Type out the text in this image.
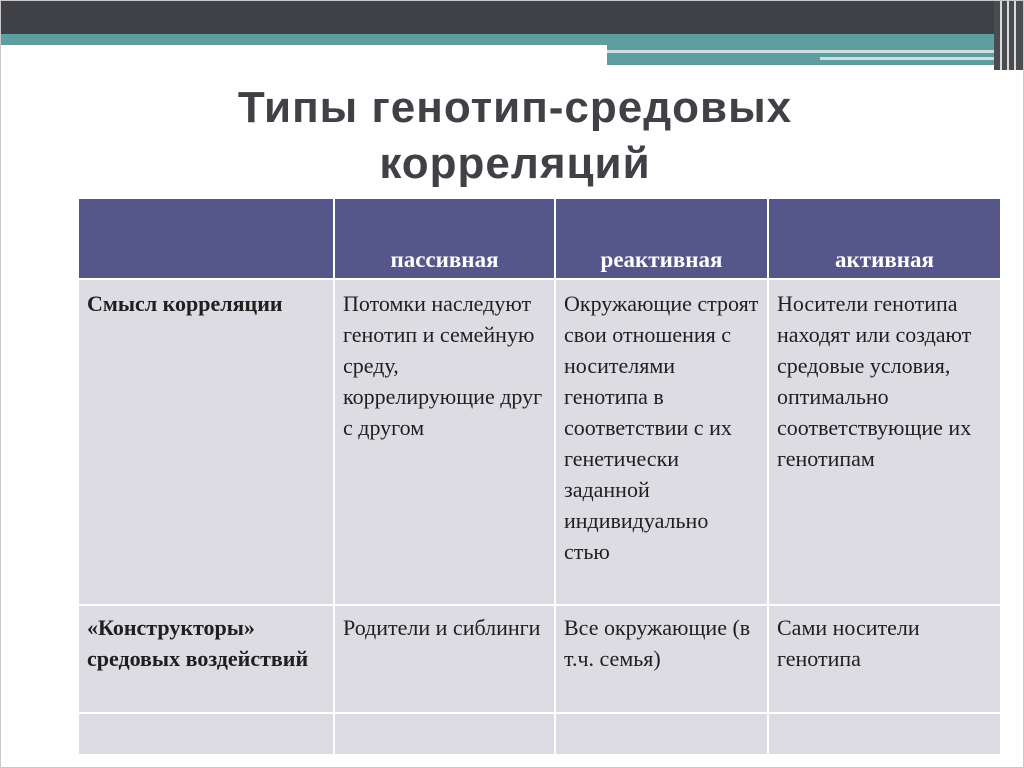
Типы генотип-средовых корреляций
	пассивная	реактивная	активная
Смысл корреляции	Потомки наследуют генотип и семейную среду, коррелирующие друг с другом	Окружающие строят свои отношения с носителями генотипа в соответствии с их генетически заданной индивидуально стью	Носители генотипа находят или создают средовые условия, оптимально соответствующие их генотипам
«Конструкторы» средовых воздействий	Родители и сиблинги	Все окружающие (в т.ч. семья)	Сами носители генотипа
